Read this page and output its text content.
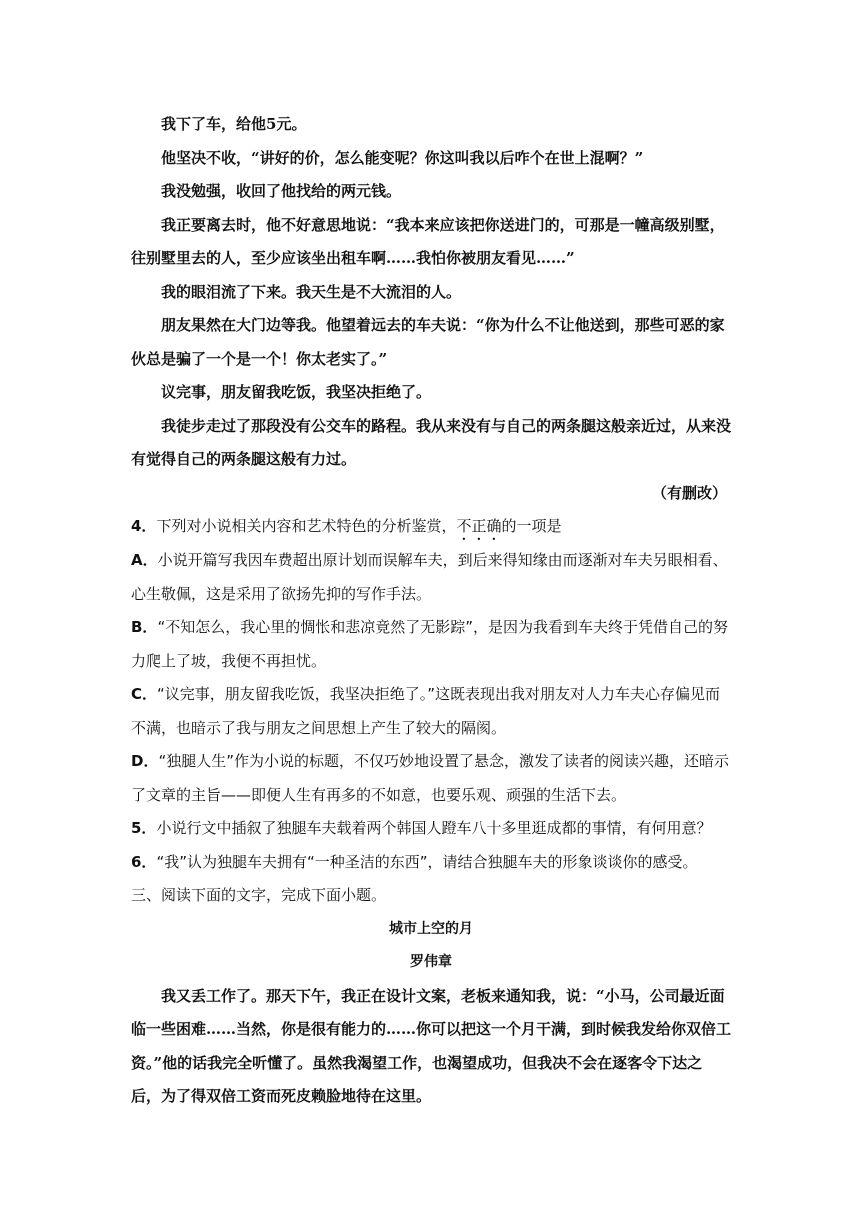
我下了车，给他5元。

他坚决不收，“讲好的价，怎么能变呢？你这叫我以后咋个在世上混啊？”

我没勉强，收回了他找给的两元钱。

我正要离去时，他不好意思地说：“我本来应该把你送进门的，可那是一幢高级别墅，往别墅里去的人，至少应该坐出租车啊……我怕你被朋友看见……”

我的眼泪流了下来。我天生是不大流泪的人。

朋友果然在大门边等我。他望着远去的车夫说：“你为什么不让他送到，那些可恶的家伙总是骗了一个是一个！你太老实了。”

议完事，朋友留我吃饭，我坚决拒绝了。

我徒步走过了那段没有公交车的路程。我从来没有与自己的两条腿这般亲近过，从来没有觉得自己的两条腿这般有力过。

（有删改）

4．下列对小说相关内容和艺术特色的分析鉴赏，不正确的一项是

A．小说开篇写我因车费超出原计划而误解车夫，到后来得知缘由而逐渐对车夫另眼相看、心生敬佩，这是采用了欲扬先抑的写作手法。

B．“不知怎么，我心里的惆怅和悲凉竟然了无影踪”，是因为我看到车夫终于凭借自己的努力爬上了坡，我便不再担忧。

C．“议完事，朋友留我吃饭，我坚决拒绝了。”这既表现出我对朋友对人力车夫心存偏见而不满，也暗示了我与朋友之间思想上产生了较大的隔阂。

D．“独腿人生”作为小说的标题，不仅巧妙地设置了悬念，激发了读者的阅读兴趣，还暗示了文章的主旨——即便人生有再多的不如意，也要乐观、顽强的生活下去。

5．小说行文中插叙了独腿车夫载着两个韩国人蹬车八十多里逛成都的事情，有何用意？

6．“我”认为独腿车夫拥有“一种圣洁的东西”，请结合独腿车夫的形象谈谈你的感受。

三、阅读下面的文字，完成下面小题。

城市上空的月

罗伟章

我又丢工作了。那天下午，我正在设计文案，老板来通知我，说：“小马，公司最近面临一些困难……当然，你是很有能力的……你可以把这一个月干满，到时候我发给你双倍工资。”他的话我完全听懂了。虽然我渴望工作，也渴望成功，但我决不会在逐客令下达之后，为了得双倍工资而死皮赖脸地待在这里。
